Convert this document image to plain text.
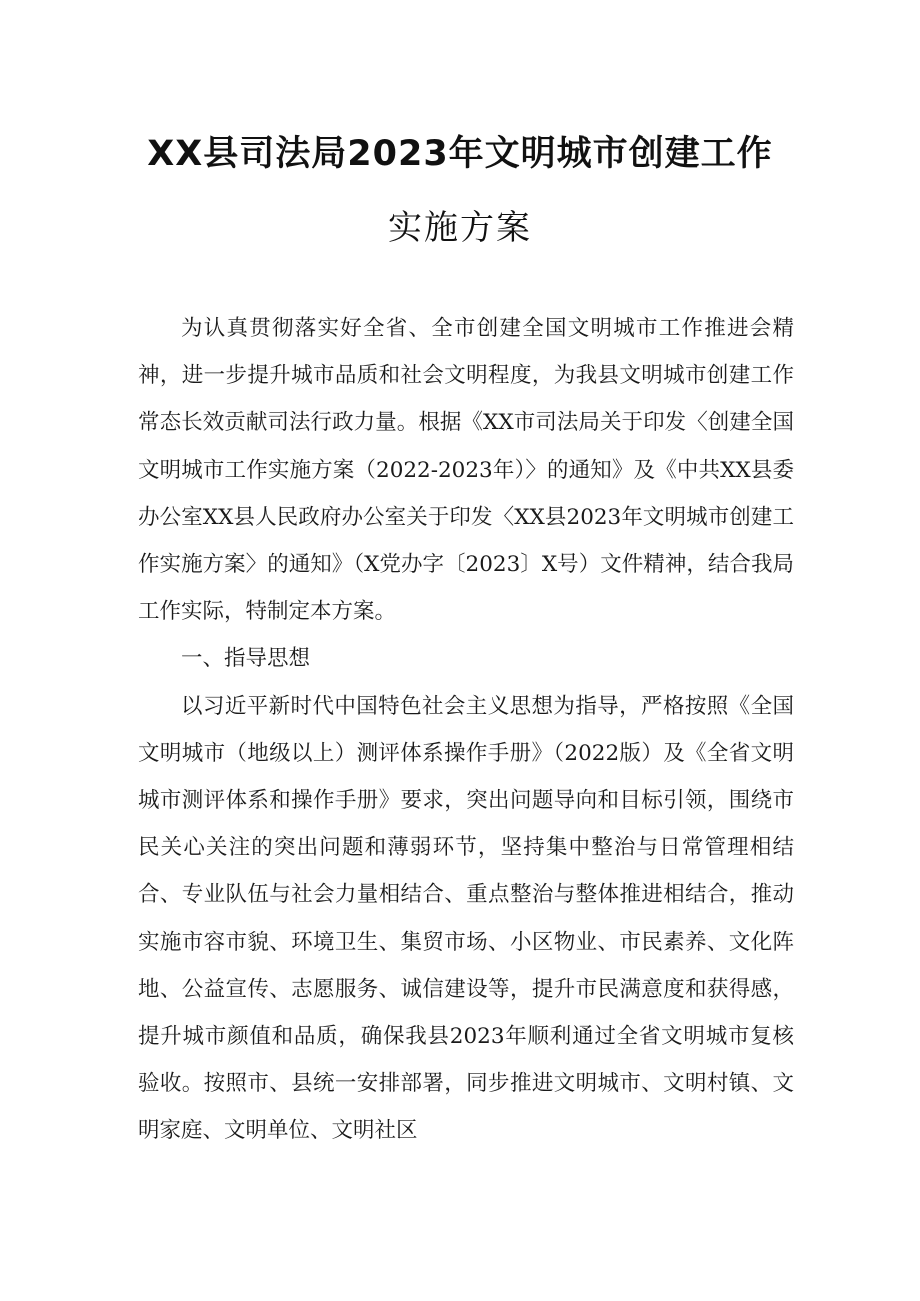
XX县司法局2023年文明城市创建工作
实施方案

为认真贯彻落实好全省、全市创建全国文明城市工作推进会精神，进一步提升城市品质和社会文明程度，为我县文明城市创建工作常态长效贡献司法行政力量。根据《XX市司法局关于印发〈创建全国文明城市工作实施方案（2022-2023年）〉的通知》及《中共XX县委办公室XX县人民政府办公室关于印发〈XX县2023年文明城市创建工作实施方案〉的通知》（X党办字〔2023〕X号）文件精神，结合我局工作实际，特制定本方案。

一、指导思想

以习近平新时代中国特色社会主义思想为指导，严格按照《全国文明城市（地级以上）测评体系操作手册》（2022版）及《全省文明城市测评体系和操作手册》要求，突出问题导向和目标引领，围绕市民关心关注的突出问题和薄弱环节，坚持集中整治与日常管理相结合、专业队伍与社会力量相结合、重点整治与整体推进相结合，推动实施市容市貌、环境卫生、集贸市场、小区物业、市民素养、文化阵地、公益宣传、志愿服务、诚信建设等，提升市民满意度和获得感，提升城市颜值和品质，确保我县2023年顺利通过全省文明城市复核验收。按照市、县统一安排部署，同步推进文明城市、文明村镇、文明家庭、文明单位、文明社区
